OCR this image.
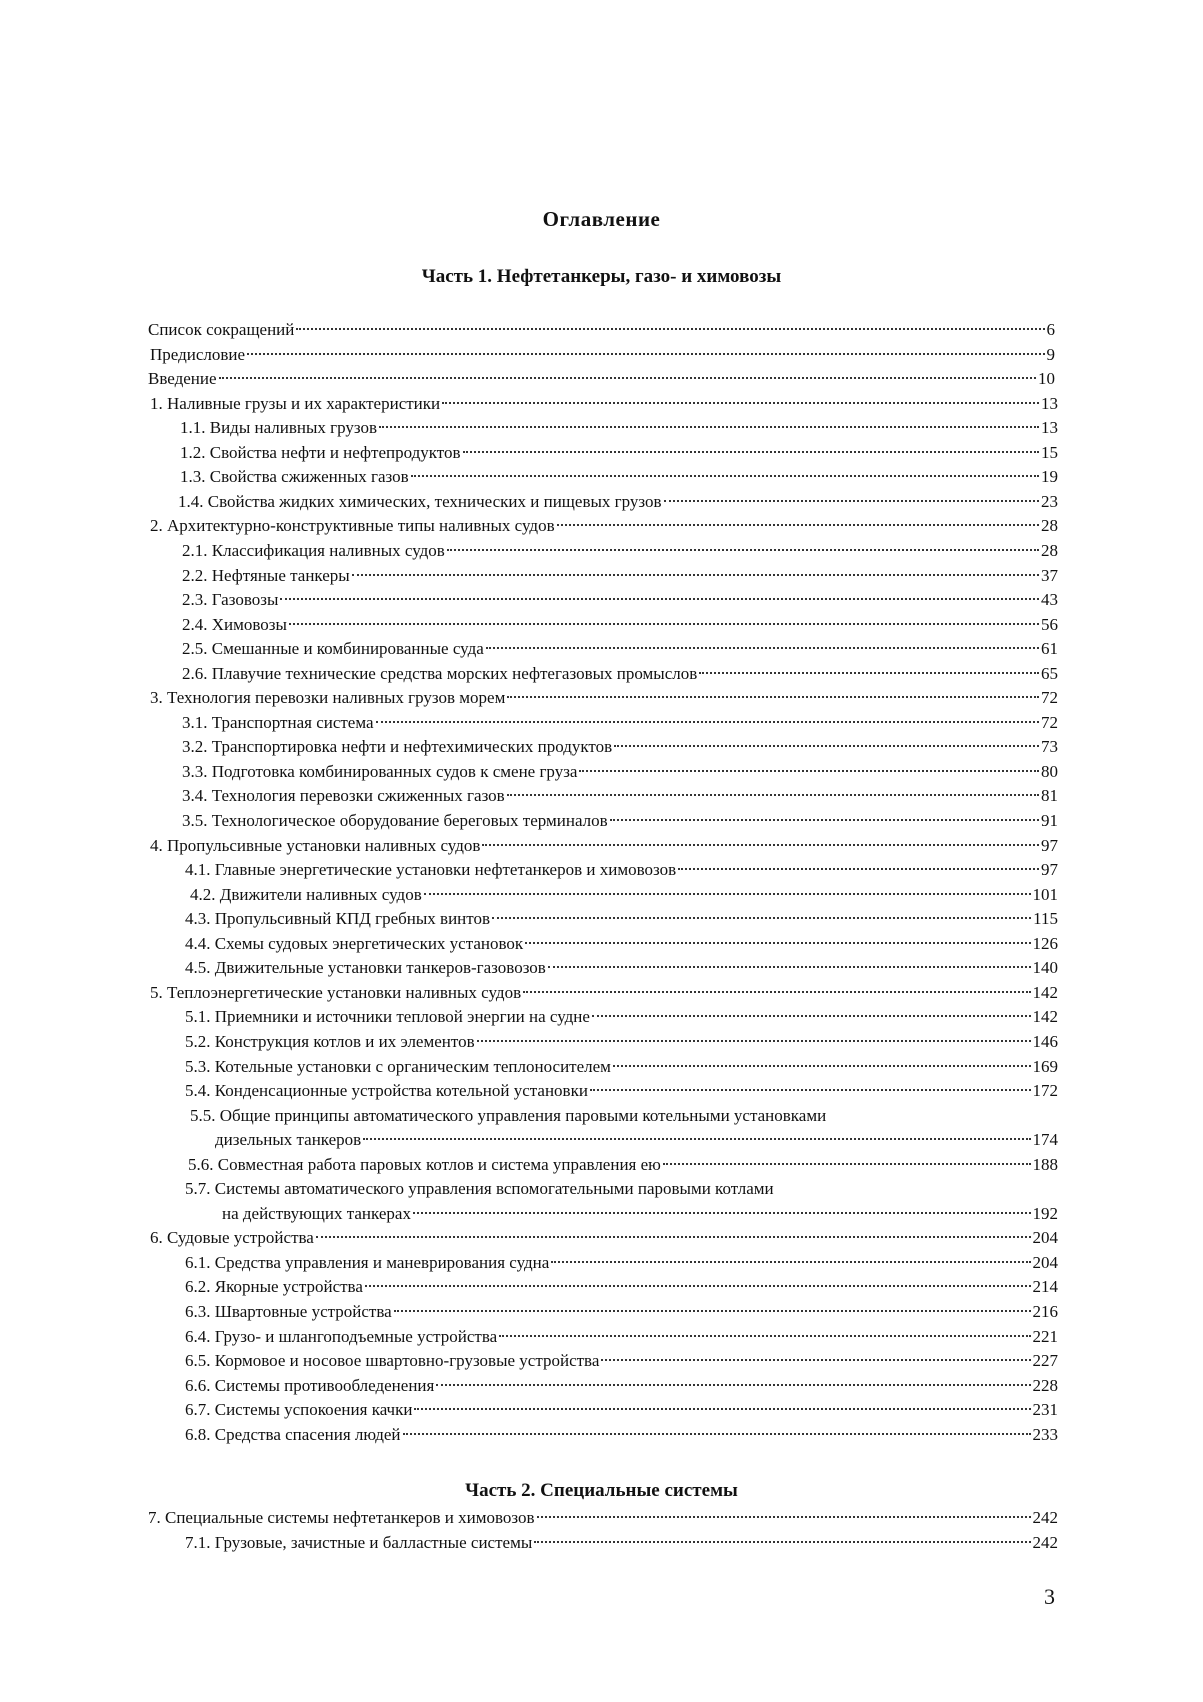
Оглавление
Часть 1. Нефтетанкеры, газо- и химовозы
Список сокращений	6
Предисловие	9
Введение	10
1. Наливные грузы и их характеристики	13
1.1. Виды наливных грузов	13
1.2. Свойства нефти и нефтепродуктов	15
1.3. Свойства сжиженных газов	19
1.4. Свойства жидких химических, технических и пищевых грузов	23
2. Архитектурно-конструктивные типы наливных судов	28
2.1. Классификация наливных судов	28
2.2. Нефтяные танкеры	37
2.3. Газовозы	43
2.4. Химовозы	56
2.5. Смешанные и комбинированные суда	61
2.6. Плавучие технические средства морских нефтегазовых промыслов	65
3. Технология перевозки наливных грузов морем	72
3.1. Транспортная система	72
3.2. Транспортировка нефти и нефтехимических продуктов	73
3.3. Подготовка комбинированных судов к смене груза	80
3.4. Технология перевозки сжиженных газов	81
3.5. Технологическое оборудование береговых терминалов	91
4. Пропульсивные установки наливных судов	97
4.1. Главные энергетические установки нефтетанкеров и химовозов	97
4.2. Движители наливных судов	101
4.3. Пропульсивный КПД гребных винтов	115
4.4. Схемы судовых энергетических установок	126
4.5. Движительные установки танкеров-газовозов	140
5. Теплоэнергетические установки наливных судов	142
5.1. Приемники и источники тепловой энергии на судне	142
5.2. Конструкция котлов и их элементов	146
5.3. Котельные установки с органическим теплоносителем	169
5.4. Конденсационные устройства котельной установки	172
5.5. Общие принципы автоматического управления паровыми котельными установками
дизельных танкеров	174
5.6. Совместная работа паровых котлов и система управления ею	188
5.7. Системы автоматического управления вспомогательными паровыми котлами
на действующих танкерах	192
6. Судовые устройства	204
6.1. Средства управления и маневрирования судна	204
6.2. Якорные устройства	214
6.3. Швартовные устройства	216
6.4. Грузо- и шлангоподъемные устройства	221
6.5. Кормовое и носовое швартовно-грузовые устройства	227
6.6. Системы противообледенения	228
6.7. Системы успокоения качки	231
6.8. Средства спасения людей	233
Часть 2. Специальные системы
7. Специальные системы нефтетанкеров и химовозов	242
7.1. Грузовые, зачистные и балластные системы	242
3
